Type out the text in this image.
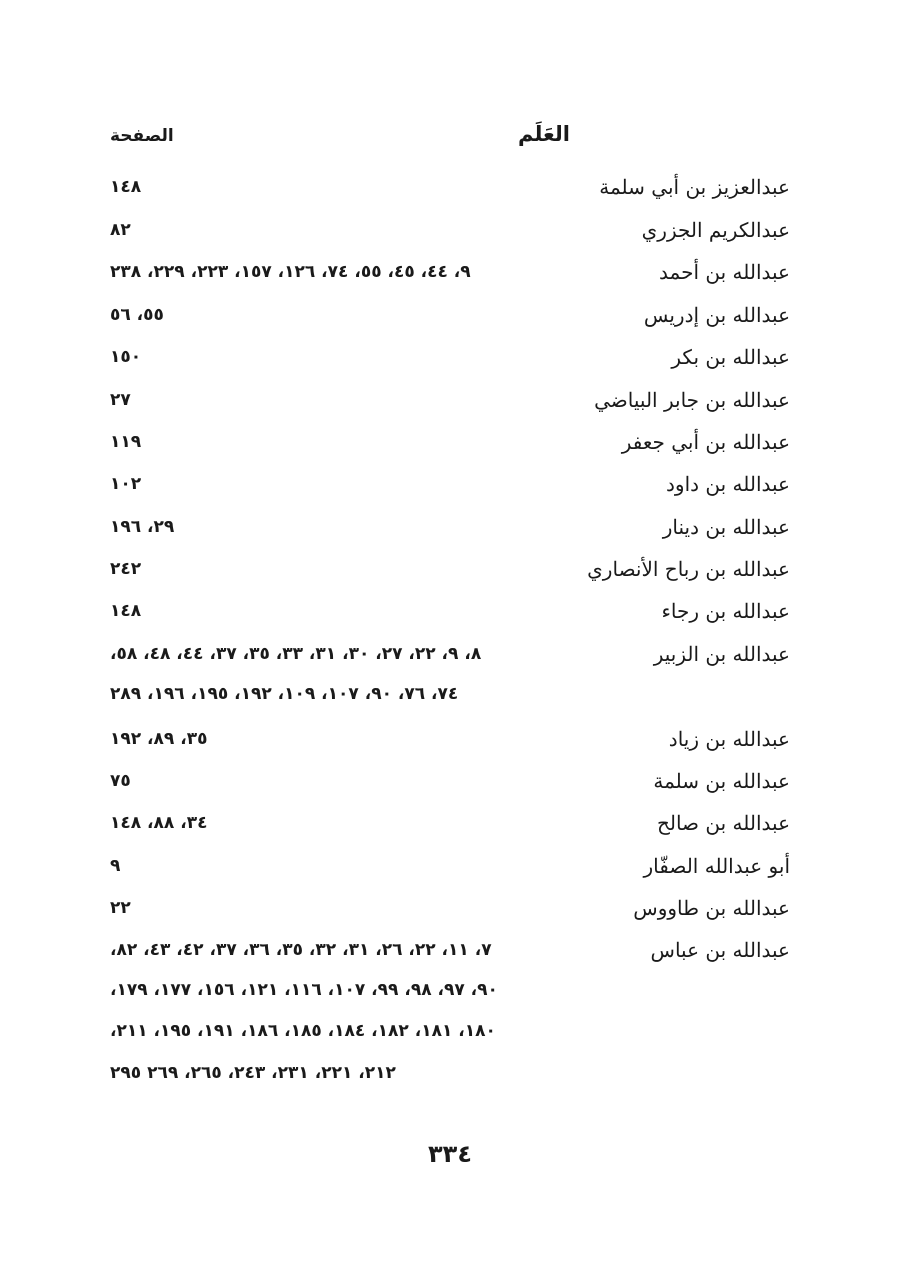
العَلَم
الصفحة
عبدالعزيز بن أبي سلمة
١٤٨
عبدالكريم الجزري
٨٢
عبدالله بن أحمد
٩، ٤٤، ٤٥، ٥٥، ٧٤، ١٢٦، ١٥٧، ٢٢٣، ٢٢٩، ٢٣٨
عبدالله بن إدريس
٥٥، ٥٦
عبدالله بن بكر
١٥٠
عبدالله بن جابر البياضي
٢٧
عبدالله بن أبي جعفر
١١٩
عبدالله بن داود
١٠٢
عبدالله بن دينار
٢٩، ١٩٦
عبدالله بن رباح الأنصاري
٢٤٢
عبدالله بن رجاء
١٤٨
عبدالله بن الزبير
٨، ٩، ٢٢، ٢٧، ٣٠، ٣١، ٣٣، ٣٥، ٣٧، ٤٤، ٤٨، ٥٨،
٧٤، ٧٦، ٩٠، ١٠٧، ١٠٩، ١٩٢، ١٩٥، ١٩٦، ٢٨٩
عبدالله بن زياد
٣٥، ٨٩، ١٩٢
عبدالله بن سلمة
٧٥
عبدالله بن صالح
٣٤، ٨٨، ١٤٨
أبو عبدالله الصفّار
٩
عبدالله بن طاووس
٢٢
عبدالله بن عباس
٧، ١١، ٢٢، ٢٦، ٣١، ٣٢، ٣٥، ٣٦، ٣٧، ٤٢، ٤٣، ٨٢،
٩٠، ٩٧، ٩٨، ٩٩، ١٠٧، ١١٦، ١٢١، ١٥٦، ١٧٧، ١٧٩،
١٨٠، ١٨١، ١٨٢، ١٨٤، ١٨٥، ١٨٦، ١٩١، ١٩٥، ٢١١،
٢١٢، ٢٢١، ٢٣١، ٢٤٣، ٢٦٥، ٢٦٩ ٢٩٥
٣٣٤
